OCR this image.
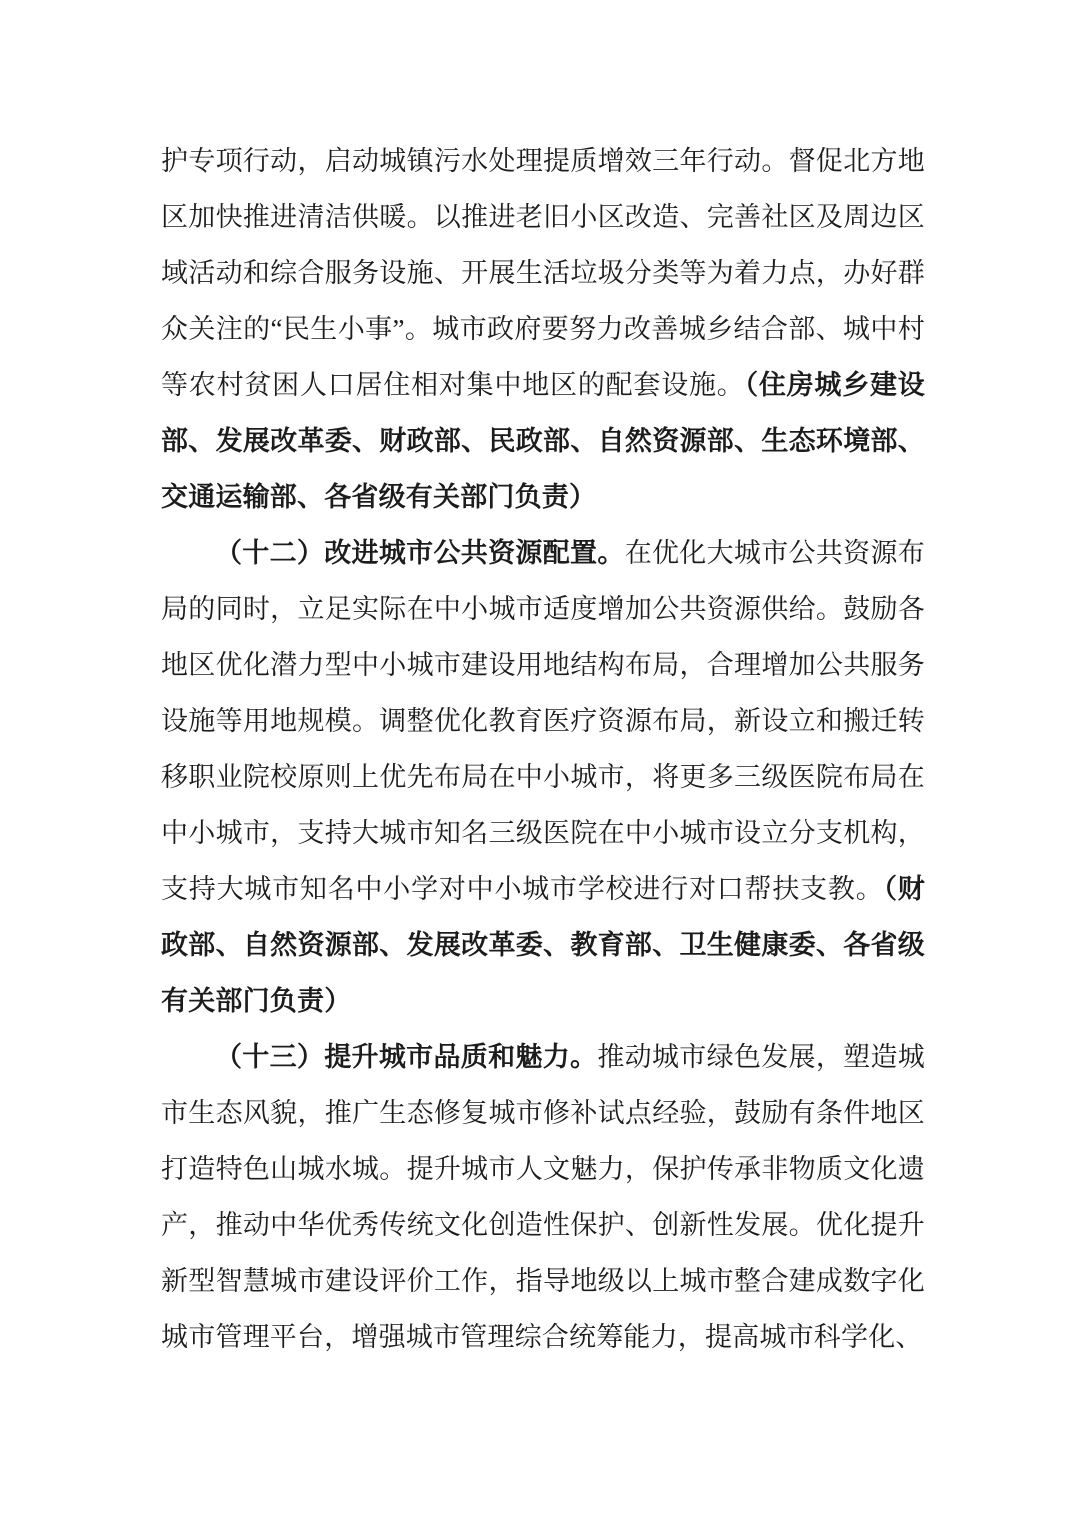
护专项行动，启动城镇污水处理提质增效三年行动。督促北方地区加快推进清洁供暖。以推进老旧小区改造、完善社区及周边区域活动和综合服务设施、开展生活垃圾分类等为着力点，办好群众关注的“民生小事”。城市政府要努力改善城乡结合部、城中村等农村贫困人口居住相对集中地区的配套设施。（住房城乡建设部、发展改革委、财政部、民政部、自然资源部、生态环境部、交通运输部、各省级有关部门负责）

（十二）改进城市公共资源配置。在优化大城市公共资源布局的同时，立足实际在中小城市适度增加公共资源供给。鼓励各地区优化潜力型中小城市建设用地结构布局，合理增加公共服务设施等用地规模。调整优化教育医疗资源布局，新设立和搬迁转移职业院校原则上优先布局在中小城市，将更多三级医院布局在中小城市，支持大城市知名三级医院在中小城市设立分支机构，支持大城市知名中小学对中小城市学校进行对口帮扶支教。（财政部、自然资源部、发展改革委、教育部、卫生健康委、各省级有关部门负责）

（十三）提升城市品质和魅力。推动城市绿色发展，塑造城市生态风貌，推广生态修复城市修补试点经验，鼓励有条件地区打造特色山城水城。提升城市人文魅力，保护传承非物质文化遗产，推动中华优秀传统文化创造性保护、创新性发展。优化提升新型智慧城市建设评价工作，指导地级以上城市整合建成数字化城市管理平台，增强城市管理综合统筹能力，提高城市科学化、
